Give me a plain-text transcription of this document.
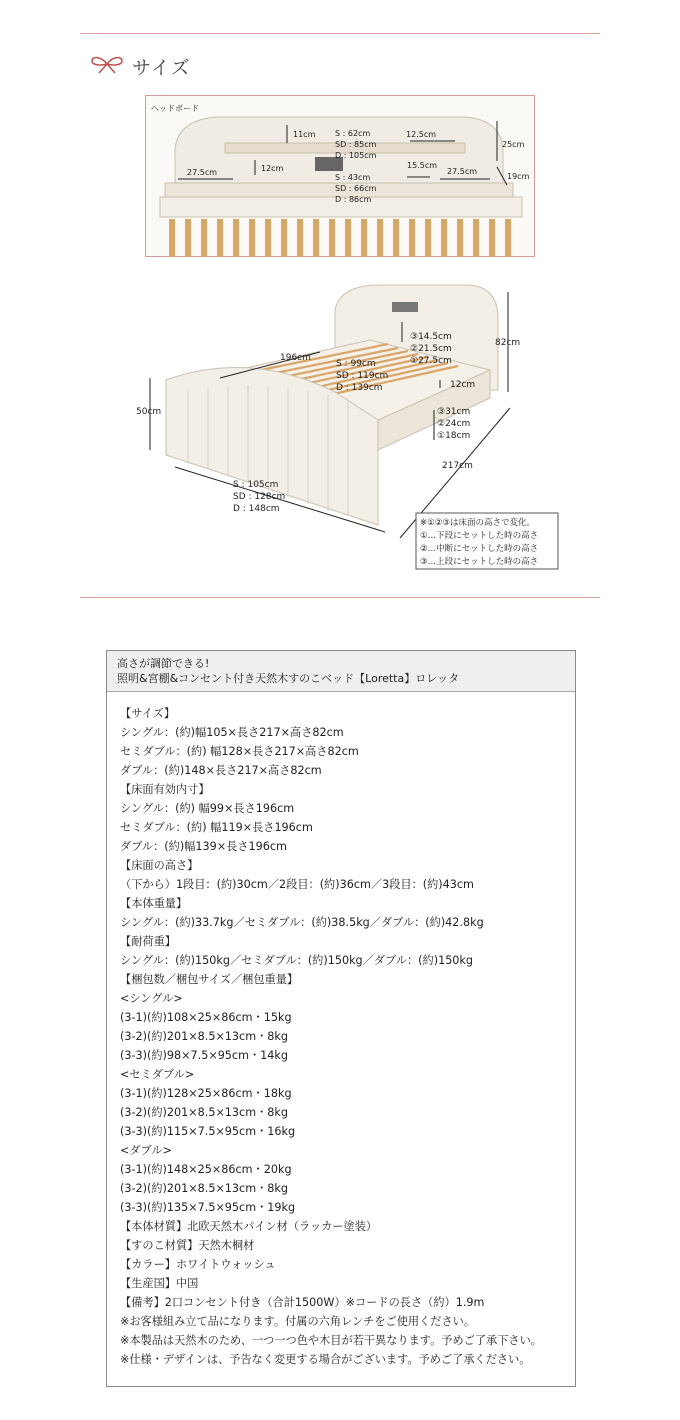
サイズ
ヘッドボード
11cm S : 62cm
SD : 85cm
D : 105cm
12.5cm
25cm
12cm
27.5cm
S : 43cm
SD : 66cm
D : 86cm
15.5cm
27.5cm
19cm
196cm
S : 99cm
SD : 119cm
D : 139cm
③14.5cm
②21.5cm
①27.5cm
82cm
12cm
③31cm
②24cm
①18cm
50cm
217cm
S : 105cm
SD : 128cm
D : 148cm
※①②③は床面の高さで変化。
①…下段にセットした時の高さ
②…中断にセットした時の高さ
③…上段にセットした時の高さ
高さが調節できる!
照明&宮棚&コンセント付き天然木すのこベッド【Loretta】ロレッタ
【サイズ】
シングル：(約)幅105×長さ217×高さ82cm
セミダブル：(約) 幅128×長さ217×高さ82cm
ダブル：(約)148×長さ217×高さ82cm
【床面有効内寸】
シングル：(約) 幅99×長さ196cm
セミダブル：(約) 幅119×長さ196cm
ダブル：(約)幅139×長さ196cm
【床面の高さ】
（下から）1段目：(約)30cm／2段目：(約)36cm／3段目：(約)43cm
【本体重量】
シングル：(約)33.7kg／セミダブル：(約)38.5kg／ダブル：(約)42.8kg
【耐荷重】
シングル：(約)150kg／セミダブル：(約)150kg／ダブル：(約)150kg
【梱包数／梱包サイズ／梱包重量】
<シングル>
(3-1)(約)108×25×86cm・15kg
(3-2)(約)201×8.5×13cm・8kg
(3-3)(約)98×7.5×95cm・14kg
<セミダブル>
(3-1)(約)128×25×86cm・18kg
(3-2)(約)201×8.5×13cm・8kg
(3-3)(約)115×7.5×95cm・16kg
<ダブル>
(3-1)(約)148×25×86cm・20kg
(3-2)(約)201×8.5×13cm・8kg
(3-3)(約)135×7.5×95cm・19kg
【本体材質】北欧天然木パイン材（ラッカー塗装）
【すのこ材質】天然木桐材
【カラー】ホワイトウォッシュ
【生産国】中国
【備考】2口コンセント付き（合計1500W）※コードの長さ（約）1.9m
※お客様組み立て品になります。付属の六角レンチをご使用ください。
※本製品は天然木のため、一つ一つ色や木目が若干異なります。予めご了承下さい。
※仕様・デザインは、予告なく変更する場合がございます。予めご了承ください。
